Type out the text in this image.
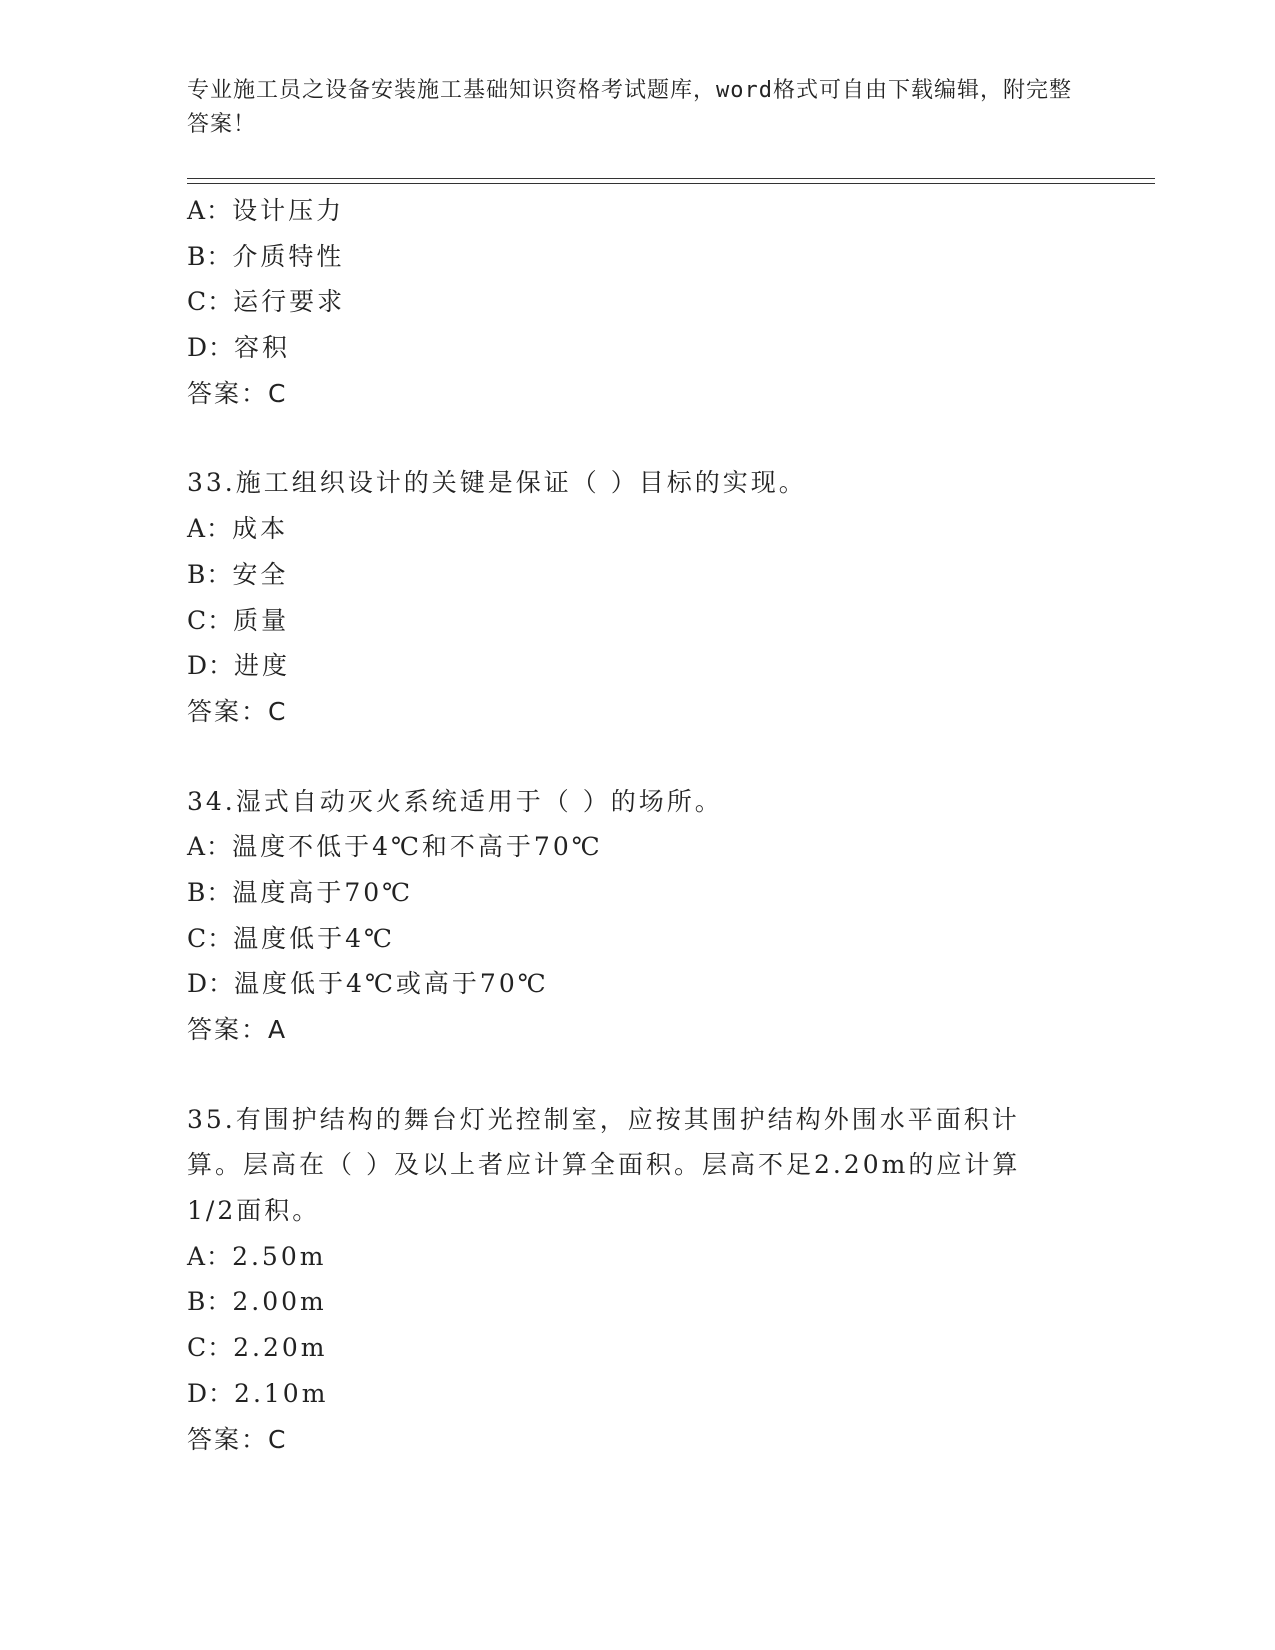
专业施工员之设备安装施工基础知识资格考试题库，word格式可自由下载编辑，附完整答案！
A：设计压力
B：介质特性
C：运行要求
D：容积
答案：C
33.施工组织设计的关键是保证（ ）目标的实现。
A：成本
B：安全
C：质量
D：进度
答案：C
34.湿式自动灭火系统适用于（ ）的场所。
A：温度不低于4℃和不高于70℃
B：温度高于70℃
C：温度低于4℃
D：温度低于4℃或高于70℃
答案：A
35.有围护结构的舞台灯光控制室，应按其围护结构外围水平面积计算。层高在（ ）及以上者应计算全面积。层高不足2.20m的应计算1/2面积。
A：2.50m
B：2.00m
C：2.20m
D：2.10m
答案：C
